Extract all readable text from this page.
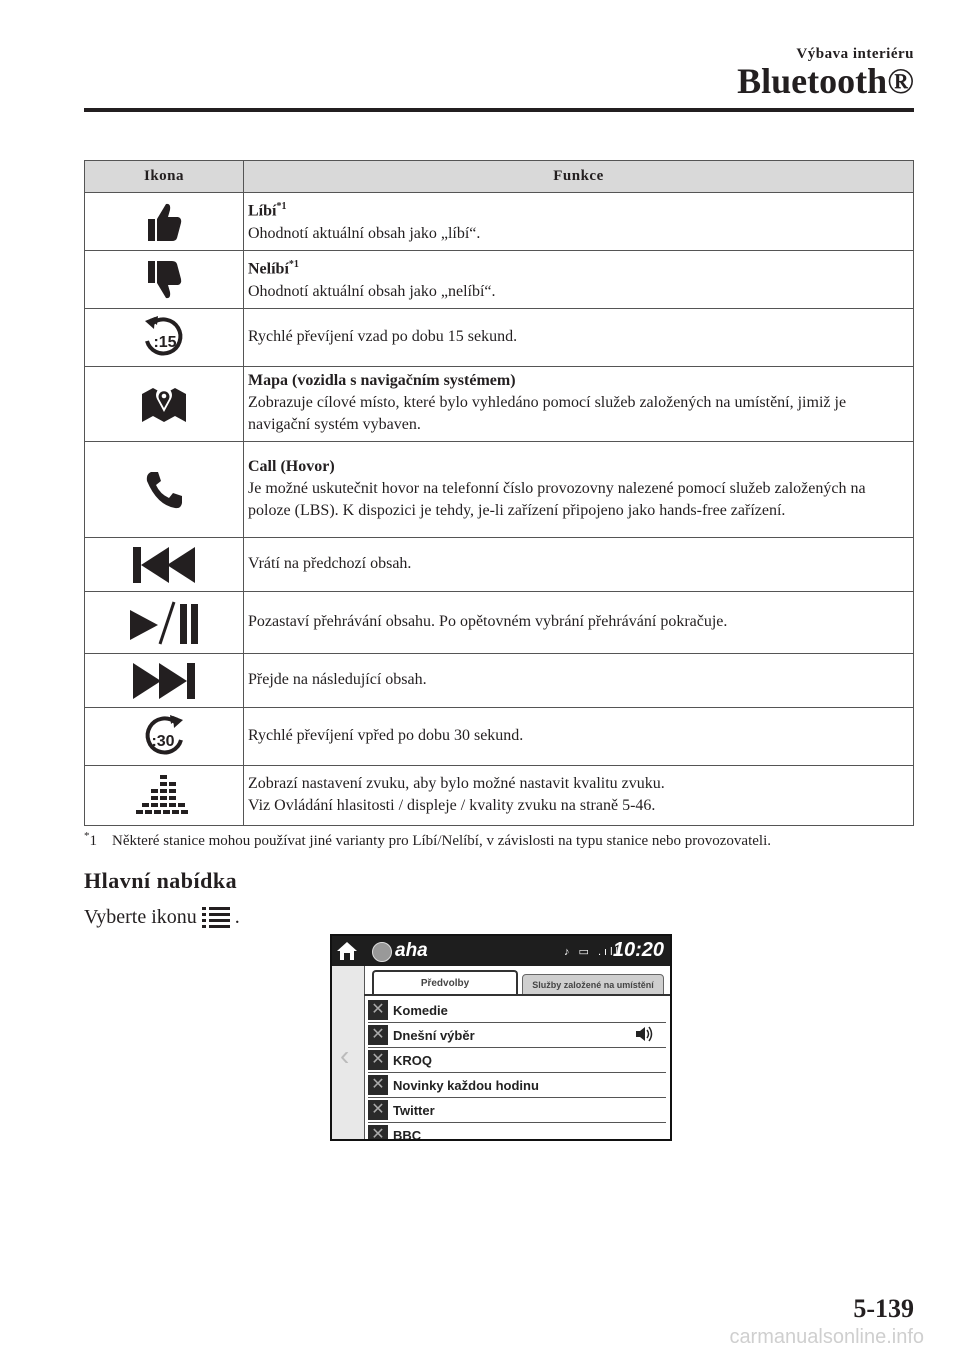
Výbava interiéru
Bluetooth®
Ikona	Funkce

Líbí$^{*1}$
Ohodnotí aktuální obsah jako „líbí“.

Nelíbí$^{*1}$
Ohodnotí aktuální obsah jako „nelíbí“.

:15	Rychlé převíjení vzad po dobu 15 sekund.

Mapa (vozidla s navigačním systémem)
Zobrazuje cílové místo, které bylo vyhledáno pomocí služeb založených na umístění, jimiž je navigační systém vybaven.

Call (Hovor)
Je možné uskutečnit hovor na telefonní číslo provozovny nalezené pomocí služeb založených na poloze (LBS). K dispozici je tehdy, je-li zařízení připojeno jako hands-free zařízení.

Vrátí na předchozí obsah.

Pozastaví přehrávání obsahu. Po opětovném vybrání přehrávání pokračuje.

Přejde na následující obsah.

:30	Rychlé převíjení vpřed po dobu 30 sekund.

Zobrazí nastavení zvuku, aby bylo možné nastavit kvalitu zvuku.
Viz Ovládání hlasitosti / displeje / kvality zvuku na straně 5-46.
*1 Některé stanice mohou používat jiné varianty pro Líbí/Nelíbí, v závislosti na typu stanice nebo provozovateli.
Hlavní nabídka
Vyberte ikonu .
aha	♪ ▭ .ıll
10:20
‹
Předvolby	Služby založené na umístění
✕ Komedie
✕ Dnešní výběr
✕ KROQ
✕ Novinky každou hodinu
✕ Twitter
✕ BBC
5-139
carmanualsonline.info
